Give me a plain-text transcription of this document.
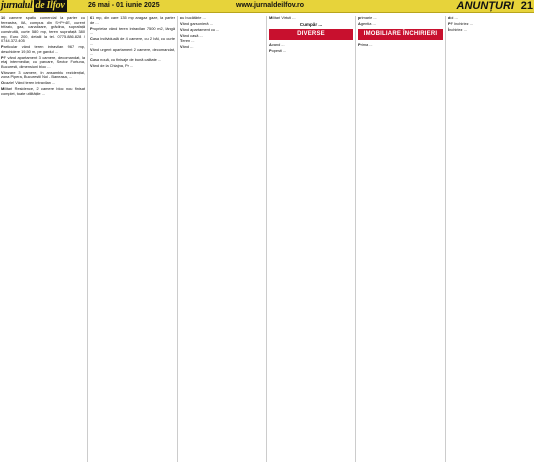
jurnalul de Ilfov	26 mai - 01 iunie 2025	www.jurnaldeilfov.ro	ANUNȚURI 21

16 camere spatiu comercial la parter cu fereastra, IIA, compus din S+P+4E, curent trifazic, gaz, canalizare, grădina, suprafață construită, curte 580 mp, teren suprafață 380 mp, Euro 200, detalii la tel. 0775.886.828 / 0744.372.405

Particular vând teren intravilan 967 mp, deschidere 19,50 m, pe gardul ...

PF vând apartament 3 camere, decomandat, la etaj intermediar, cu parcare, Sector Fortuna, Bucuresti, dimensiuni bloc ...

Vânzare 3 camere, în ansamblu rezidențial, zona Pipera, Bucurestii Noi - Baneasa, ...

Ocazie! Vând teren intravilan ...

Militari Residence, 2 camere bloc nou finisat complet, toate utilitățile ...

61 mp, din care 135 mp aragaz gaze, la parter de ...

Proprietar vând teren intravilan 7500 m2, lângă ...

Casa individuală de 4 camere, cu 2 băi, cu curte ...

Vând urgent apartament 2 camere, decomandat, ...

Casa nouă, cu finisaje de bună calitate ...

Vând de la Chiajna, Pr ...

cu bucătărie ...

Vând garsonieră ...

Vând apartament cu ...

Vând casă ...

Teren ...

Vând ...

Militari Virtuti ...

Cumpăr ...
DIVERSE

Avand ...

Popesti ...

primarie ...

Agentia ...

IMOBILIARE ÎNCHIRIERI

Prima ...

doi ...

PF închiriez ...

Închiriez ...
